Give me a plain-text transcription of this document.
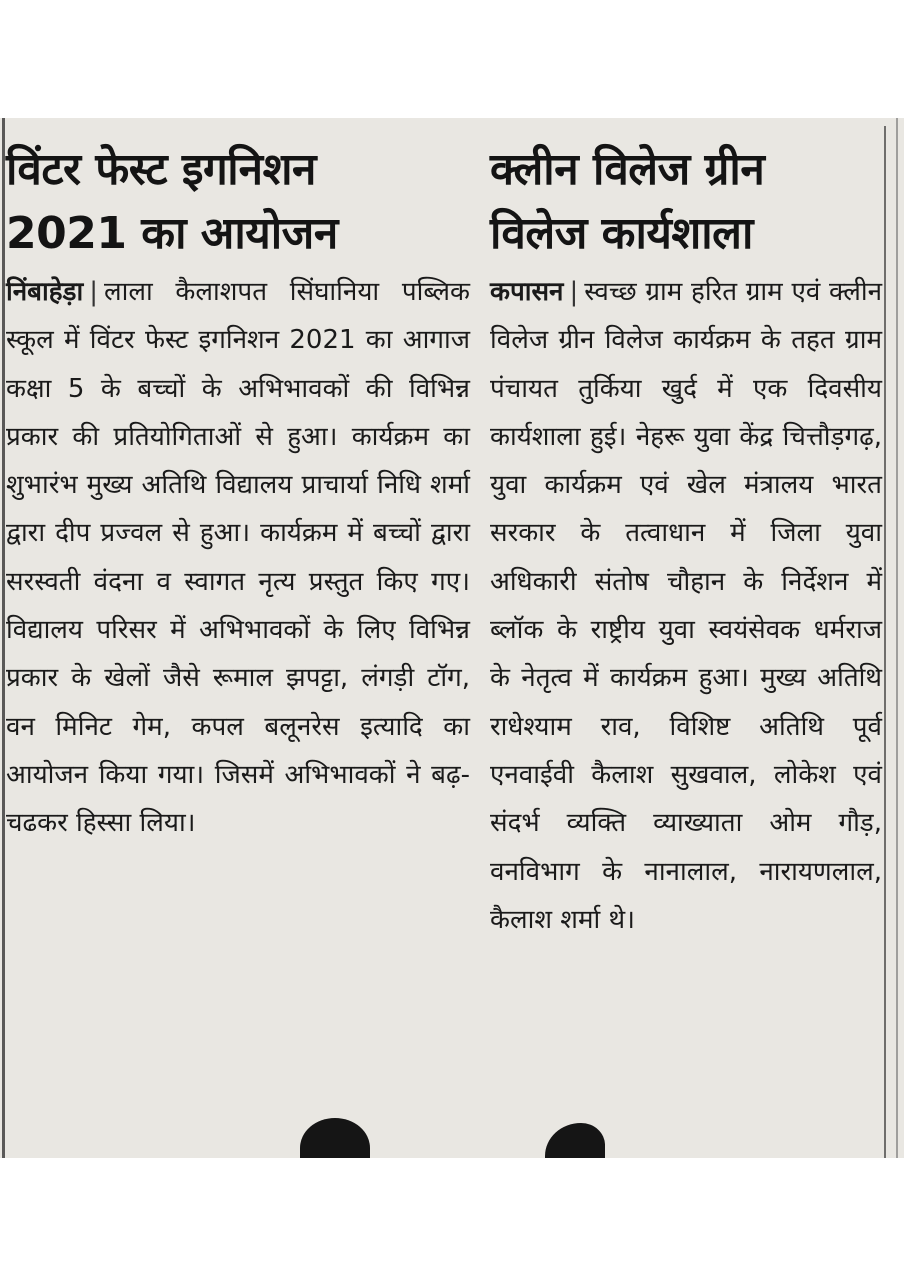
विंटर फेस्ट इगनिशन
2021 का आयोजन

निंबाहेड़ा | लाला कैलाशपत सिंघानिया पब्लिक स्कूल में विंटर फेस्ट इगनिशन 2021 का आगाज कक्षा 5 के बच्चों के अभिभावकों की विभिन्न प्रकार की प्रतियोगिताओं से हुआ। कार्यक्रम का शुभारंभ मुख्य अतिथि विद्यालय प्राचार्या निधि शर्मा द्वारा दीप प्रज्वल से हुआ। कार्यक्रम में बच्चों द्वारा सरस्वती वंदना व स्वागत नृत्य प्रस्तुत किए गए। विद्यालय परिसर में अभिभावकों के लिए विभिन्न प्रकार के खेलों जैसे रूमाल झपट्टा, लंगड़ी टॉग, वन मिनिट गेम, कपल बलूनरेस इत्यादि का आयोजन किया गया। जिसमें अभिभावकों ने बढ़-चढकर हिस्सा लिया।

क्लीन विलेज ग्रीन
विलेज कार्यशाला

कपासन | स्वच्छ ग्राम हरित ग्राम एवं क्लीन विलेज ग्रीन विलेज कार्यक्रम के तहत ग्राम पंचायत तुर्किया खुर्द में एक दिवसीय कार्यशाला हुई। नेहरू युवा केंद्र चित्तौड़गढ़, युवा कार्यक्रम एवं खेल मंत्रालय भारत सरकार के तत्वाधान में जिला युवा अधिकारी संतोष चौहान के निर्देशन में ब्लॉक के राष्ट्रीय युवा स्वयंसेवक धर्मराज के नेतृत्व में कार्यक्रम हुआ। मुख्य अतिथि राधेश्याम राव, विशिष्ट अतिथि पूर्व एनवाईवी कैलाश सुखवाल, लोकेश एवं संदर्भ व्यक्ति व्याख्याता ओम गौड़, वनविभाग के नानालाल, नारायणलाल, कैलाश शर्मा थे।
